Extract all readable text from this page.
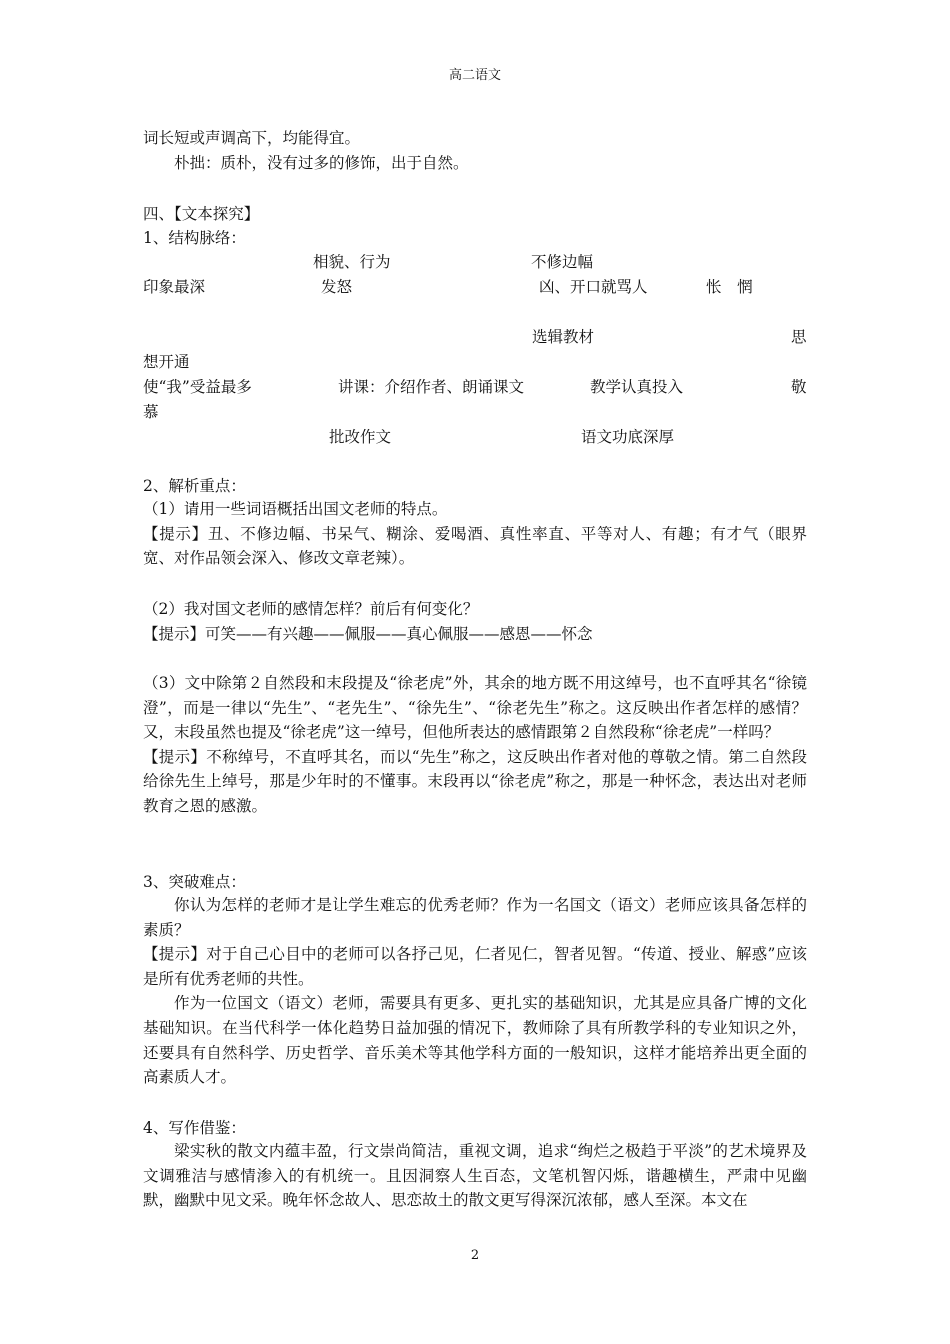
高二语文
词长短或声调高下，均能得宜。
朴拙：质朴，没有过多的修饰，出于自然。
四、【文本探究】
1、结构脉络：
相貌、行为	不修边幅
印象最深	发怒	凶、开口就骂人	怅　惘
选辑教材	思
想开通
使“我”受益最多	讲课：介绍作者、朗诵课文	教学认真投入	敬
慕
批改作文	语文功底深厚
2、解析重点：

（1）请用一些词语概括出国文老师的特点。

【提示】丑、不修边幅、书呆气、糊涂、爱喝酒、真性率直、平等对人、有趣；有才气（眼界宽、对作品领会深入、修改文章老辣）。

（2）我对国文老师的感情怎样？前后有何变化？

【提示】可笑——有兴趣——佩服——真心佩服——感恩——怀念

（3）文中除第２自然段和末段提及“徐老虎”外，其余的地方既不用这绰号，也不直呼其名“徐镜澄”，而是一律以“先生”、“老先生”、“徐先生”、“徐老先生”称之。这反映出作者怎样的感情？又，末段虽然也提及“徐老虎”这一绰号，但他所表达的感情跟第２自然段称“徐老虎”一样吗？

【提示】不称绰号，不直呼其名，而以“先生”称之，这反映出作者对他的尊敬之情。第二自然段给徐先生上绰号，那是少年时的不懂事。末段再以“徐老虎”称之，那是一种怀念，表达出对老师教育之恩的感激。

3、突破难点：

你认为怎样的老师才是让学生难忘的优秀老师？作为一名国文（语文）老师应该具备怎样的素质？

【提示】对于自己心目中的老师可以各抒己见，仁者见仁，智者见智。“传道、授业、解惑”应该是所有优秀老师的共性。

作为一位国文（语文）老师，需要具有更多、更扎实的基础知识，尤其是应具备广博的文化基础知识。在当代科学一体化趋势日益加强的情况下，教师除了具有所教学科的专业知识之外，还要具有自然科学、历史哲学、音乐美术等其他学科方面的一般知识，这样才能培养出更全面的高素质人才。

4、写作借鉴：

梁实秋的散文内蕴丰盈，行文崇尚简洁，重视文调，追求“绚烂之极趋于平淡”的艺术境界及文调雅洁与感情渗入的有机统一。且因洞察人生百态，文笔机智闪烁，谐趣横生，严肃中见幽默，幽默中见文采。晚年怀念故人、思恋故土的散文更写得深沉浓郁，感人至深。本文在

2
